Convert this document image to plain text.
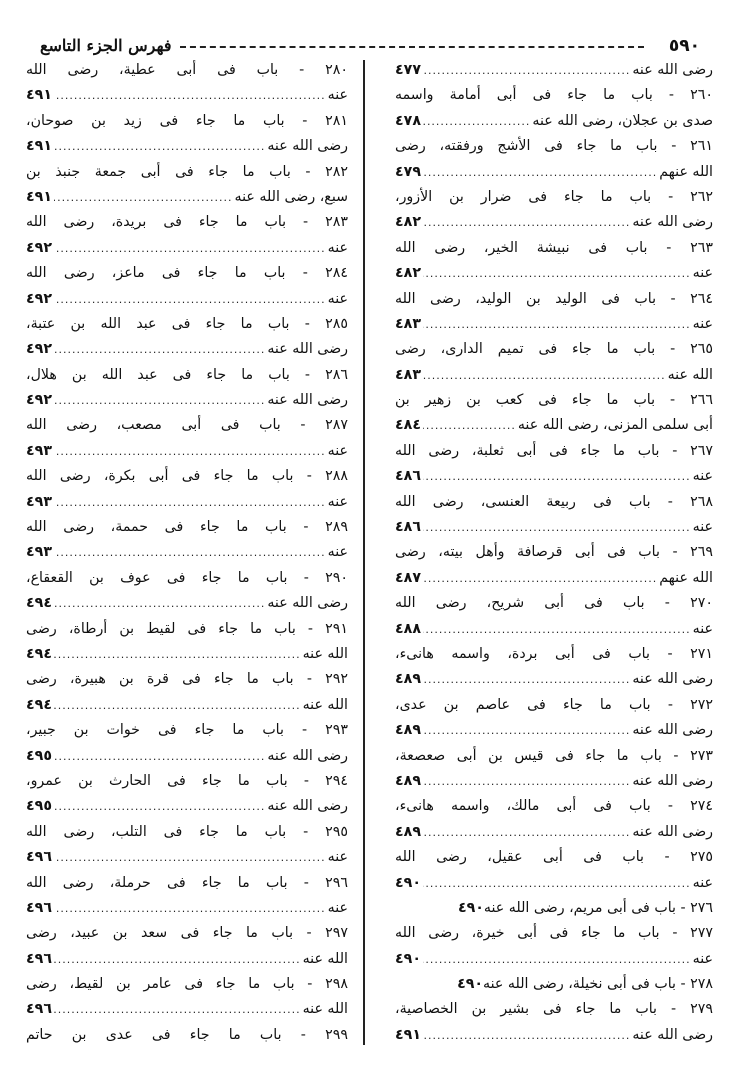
٥٩٠
فهرس الجزء التاسع
رضى الله عنه
.....
٤٧٧
٢٦٠ - باب ما جاء فى أبى أمامة واسمه
صدى بن عجلان، رضى الله عنه
.....
٤٧٨
٢٦١ - باب ما جاء فى الأشج ورفقته، رضى
الله عنهم
.....
٤٧٩
٢٦٢ - باب ما جاء فى ضرار بن الأزور،
رضى الله عنه
.....
٤٨٢
٢٦٣ - باب فى نبيشة الخير، رضى الله
عنه
.....
٤٨٢
٢٦٤ - باب فى الوليد بن الوليد، رضى الله
عنه
.....
٤٨٣
٢٦٥ - باب ما جاء فى تميم الدارى، رضى
الله عنه
.....
٤٨٣
٢٦٦ - باب ما جاء فى كعب بن زهير بن
أبى سلمى المزنى، رضى الله عنه
.....
٤٨٤
٢٦٧ - باب ما جاء فى أبى ثعلبة، رضى الله
عنه
.....
٤٨٦
٢٦٨ - باب فى ربيعة العنسى، رضى الله
عنه
.....
٤٨٦
٢٦٩ - باب فى أبى قرصافة وأهل بيته، رضى
الله عنهم
.....
٤٨٧
٢٧٠ - باب فى أبى شريح، رضى الله
عنه
.....
٤٨٨
٢٧١ - باب فى أبى بردة، واسمه هانىء،
رضى الله عنه
.....
٤٨٩
٢٧٢ - باب ما جاء فى عاصم بن عدى،
رضى الله عنه
.....
٤٨٩
٢٧٣ - باب ما جاء فى قيس بن أبى صعصعة،
رضى الله عنه
.....
٤٨٩
٢٧٤ - باب فى أبى مالك، واسمه هانىء،
رضى الله عنه
.....
٤٨٩
٢٧٥ - باب فى أبى عقيل، رضى الله
عنه
.....
٤٩٠
٢٧٦ - باب فى أبى مريم، رضى الله عنه
٤٩٠
٢٧٧ - باب ما جاء فى أبى خيرة، رضى الله
عنه
.....
٤٩٠
٢٧٨ - باب فى أبى نخيلة، رضى الله عنه
٤٩٠
٢٧٩ - باب ما جاء فى بشير بن الخصاصية،
رضى الله عنه
.....
٤٩١
٢٨٠ - باب فى أبى عطية، رضى الله
عنه
.....
٤٩١
٢٨١ - باب ما جاء فى زيد بن صوحان،
رضى الله عنه
.....
٤٩١
٢٨٢ - باب ما جاء فى أبى جمعة جنبذ بن
سبع، رضى الله عنه
.....
٤٩١
٢٨٣ - باب ما جاء فى بريدة، رضى الله
عنه
.....
٤٩٢
٢٨٤ - باب ما جاء فى ماعز، رضى الله
عنه
.....
٤٩٢
٢٨٥ - باب ما جاء فى عبد الله بن عتبة،
رضى الله عنه
.....
٤٩٢
٢٨٦ - باب ما جاء فى عبد الله بن هلال،
رضى الله عنه
.....
٤٩٢
٢٨٧ - باب فى أبى مصعب، رضى الله
عنه
.....
٤٩٣
٢٨٨ - باب ما جاء فى أبى بكرة، رضى الله
عنه
.....
٤٩٣
٢٨٩ - باب ما جاء فى حممة، رضى الله
عنه
.....
٤٩٣
٢٩٠ - باب ما جاء فى عوف بن القعقاع،
رضى الله عنه
.....
٤٩٤
٢٩١ - باب ما جاء فى لقيط بن أرطاة، رضى
الله عنه
.....
٤٩٤
٢٩٢ - باب ما جاء فى قرة بن هبيرة، رضى
الله عنه
.....
٤٩٤
٢٩٣ - باب ما جاء فى خوات بن جبير،
رضى الله عنه
.....
٤٩٥
٢٩٤ - باب ما جاء فى الحارث بن عمرو،
رضى الله عنه
.....
٤٩٥
٢٩٥ - باب ما جاء فى التلب، رضى الله
عنه
.....
٤٩٦
٢٩٦ - باب ما جاء فى حرملة، رضى الله
عنه
.....
٤٩٦
٢٩٧ - باب ما جاء فى سعد بن عبيد، رضى
الله عنه
.....
٤٩٦
٢٩٨ - باب ما جاء فى عامر بن لقيط، رضى
الله عنه
.....
٤٩٦
٢٩٩ - باب ما جاء فى عدى بن حاتم
